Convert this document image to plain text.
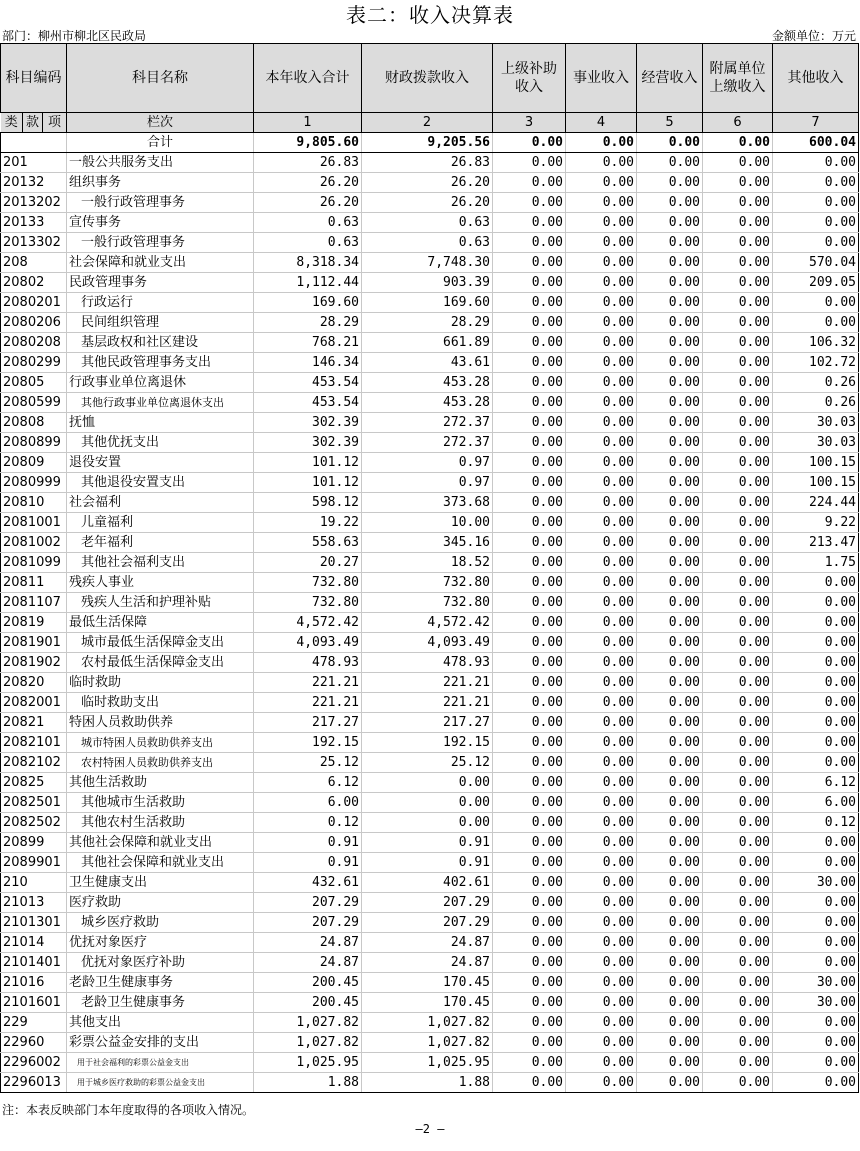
表二：收入决算表
部门：柳州市柳北区民政局	金额单位：万元
科目编码			科目名称	本年收入合计	财政拨款收入	上级补助收入	事业收入	经营收入	附属单位上缴收入	其他收入
类	款	项	栏次	1	2	3	4	5	6	7
			合计	9,805.60	9,205.56	0.00	0.00	0.00	0.00	600.04
201			一般公共服务支出	26.83	26.83	0.00	0.00	0.00	0.00	0.00
20132			组织事务	26.20	26.20	0.00	0.00	0.00	0.00	0.00
2013202			一般行政管理事务	26.20	26.20	0.00	0.00	0.00	0.00	0.00
20133			宣传事务	0.63	0.63	0.00	0.00	0.00	0.00	0.00
2013302			一般行政管理事务	0.63	0.63	0.00	0.00	0.00	0.00	0.00
208			社会保障和就业支出	8,318.34	7,748.30	0.00	0.00	0.00	0.00	570.04
20802			民政管理事务	1,112.44	903.39	0.00	0.00	0.00	0.00	209.05
2080201			行政运行	169.60	169.60	0.00	0.00	0.00	0.00	0.00
2080206			民间组织管理	28.29	28.29	0.00	0.00	0.00	0.00	0.00
2080208			基层政权和社区建设	768.21	661.89	0.00	0.00	0.00	0.00	106.32
2080299			其他民政管理事务支出	146.34	43.61	0.00	0.00	0.00	0.00	102.72
20805			行政事业单位离退休	453.54	453.28	0.00	0.00	0.00	0.00	0.26
2080599			其他行政事业单位离退休支出	453.54	453.28	0.00	0.00	0.00	0.00	0.26
20808			抚恤	302.39	272.37	0.00	0.00	0.00	0.00	30.03
2080899			其他优抚支出	302.39	272.37	0.00	0.00	0.00	0.00	30.03
20809			退役安置	101.12	0.97	0.00	0.00	0.00	0.00	100.15
2080999			其他退役安置支出	101.12	0.97	0.00	0.00	0.00	0.00	100.15
20810			社会福利	598.12	373.68	0.00	0.00	0.00	0.00	224.44
2081001			儿童福利	19.22	10.00	0.00	0.00	0.00	0.00	9.22
2081002			老年福利	558.63	345.16	0.00	0.00	0.00	0.00	213.47
2081099			其他社会福利支出	20.27	18.52	0.00	0.00	0.00	0.00	1.75
20811			残疾人事业	732.80	732.80	0.00	0.00	0.00	0.00	0.00
2081107			残疾人生活和护理补贴	732.80	732.80	0.00	0.00	0.00	0.00	0.00
20819			最低生活保障	4,572.42	4,572.42	0.00	0.00	0.00	0.00	0.00
2081901			城市最低生活保障金支出	4,093.49	4,093.49	0.00	0.00	0.00	0.00	0.00
2081902			农村最低生活保障金支出	478.93	478.93	0.00	0.00	0.00	0.00	0.00
20820			临时救助	221.21	221.21	0.00	0.00	0.00	0.00	0.00
2082001			临时救助支出	221.21	221.21	0.00	0.00	0.00	0.00	0.00
20821			特困人员救助供养	217.27	217.27	0.00	0.00	0.00	0.00	0.00
2082101			城市特困人员救助供养支出	192.15	192.15	0.00	0.00	0.00	0.00	0.00
2082102			农村特困人员救助供养支出	25.12	25.12	0.00	0.00	0.00	0.00	0.00
20825			其他生活救助	6.12	0.00	0.00	0.00	0.00	0.00	6.12
2082501			其他城市生活救助	6.00	0.00	0.00	0.00	0.00	0.00	6.00
2082502			其他农村生活救助	0.12	0.00	0.00	0.00	0.00	0.00	0.12
20899			其他社会保障和就业支出	0.91	0.91	0.00	0.00	0.00	0.00	0.00
2089901			其他社会保障和就业支出	0.91	0.91	0.00	0.00	0.00	0.00	0.00
210			卫生健康支出	432.61	402.61	0.00	0.00	0.00	0.00	30.00
21013			医疗救助	207.29	207.29	0.00	0.00	0.00	0.00	0.00
2101301			城乡医疗救助	207.29	207.29	0.00	0.00	0.00	0.00	0.00
21014			优抚对象医疗	24.87	24.87	0.00	0.00	0.00	0.00	0.00
2101401			优抚对象医疗补助	24.87	24.87	0.00	0.00	0.00	0.00	0.00
21016			老龄卫生健康事务	200.45	170.45	0.00	0.00	0.00	0.00	30.00
2101601			老龄卫生健康事务	200.45	170.45	0.00	0.00	0.00	0.00	30.00
229			其他支出	1,027.82	1,027.82	0.00	0.00	0.00	0.00	0.00
22960			彩票公益金安排的支出	1,027.82	1,027.82	0.00	0.00	0.00	0.00	0.00
2296002			用于社会福利的彩票公益金支出	1,025.95	1,025.95	0.00	0.00	0.00	0.00	0.00
2296013			用于城乡医疗救助的彩票公益金支出	1.88	1.88	0.00	0.00	0.00	0.00	0.00
注：本表反映部门本年度取得的各项收入情况。
—2 —
